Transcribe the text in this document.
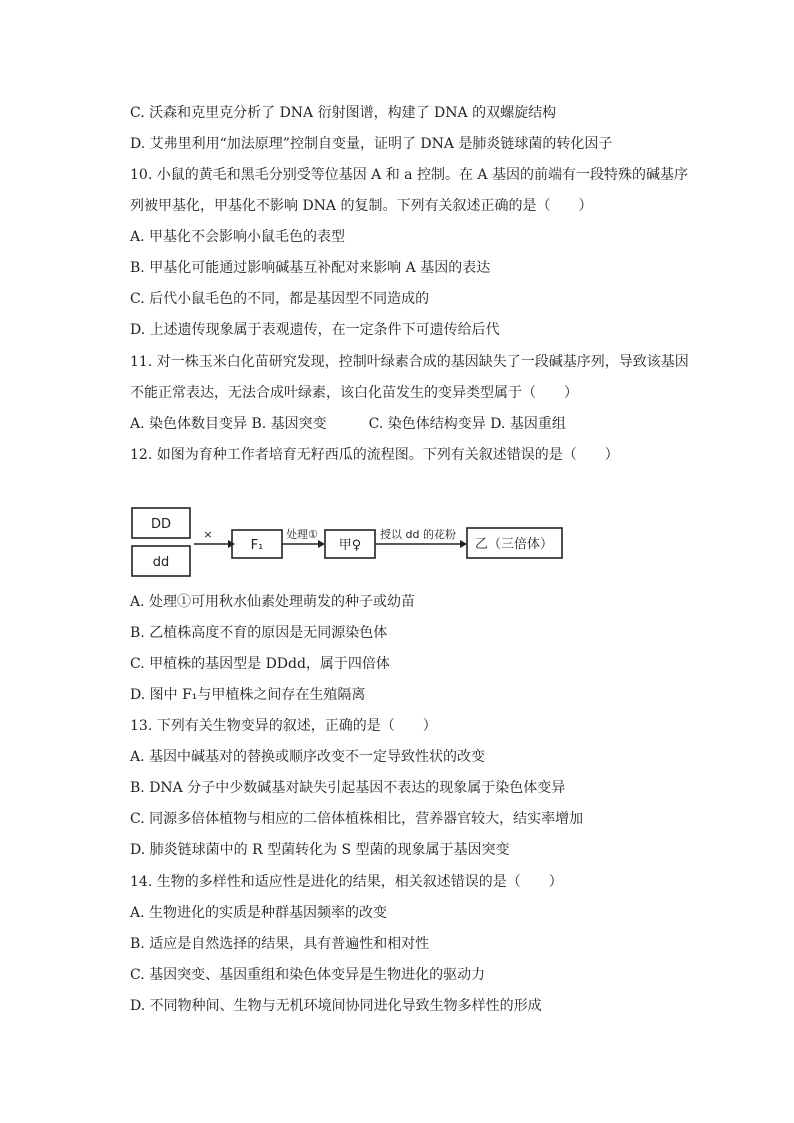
C. 沃森和克里克分析了 DNA 衍射图谱，构建了 DNA 的双螺旋结构
D. 艾弗里利用“加法原理”控制自变量，证明了 DNA 是肺炎链球菌的转化因子
10. 小鼠的黄毛和黑毛分别受等位基因 A 和 a 控制。在 A 基因的前端有一段特殊的碱基序
列被甲基化，甲基化不影响 DNA 的复制。下列有关叙述正确的是（　　）
A. 甲基化不会影响小鼠毛色的表型
B. 甲基化可能通过影响碱基互补配对来影响 A 基因的表达
C. 后代小鼠毛色的不同，都是基因型不同造成的
D. 上述遗传现象属于表观遗传，在一定条件下可遗传给后代
11. 对一株玉米白化苗研究发现，控制叶绿素合成的基因缺失了一段碱基序列，导致该基因
不能正常表达，无法合成叶绿素，该白化苗发生的变异类型属于（　　）
A. 染色体数目变异 B. 基因突变　　　C. 染色体结构变异 D. 基因重组
12. 如图为育种工作者培育无籽西瓜的流程图。下列有关叙述错误的是（　　）
DD
dd
×
F₁
处理①
甲♀
授以 dd 的花粉
乙（三倍体）
A. 处理①可用秋水仙素处理萌发的种子或幼苗
B. 乙植株高度不育的原因是无同源染色体
C. 甲植株的基因型是 DDdd，属于四倍体
D. 图中 F₁与甲植株之间存在生殖隔离
13. 下列有关生物变异的叙述，正确的是（　　）
A. 基因中碱基对的替换或顺序改变不一定导致性状的改变
B. DNA 分子中少数碱基对缺失引起基因不表达的现象属于染色体变异
C. 同源多倍体植物与相应的二倍体植株相比，营养器官较大，结实率增加
D. 肺炎链球菌中的 R 型菌转化为 S 型菌的现象属于基因突变
14. 生物的多样性和适应性是进化的结果，相关叙述错误的是（　　）
A. 生物进化的实质是种群基因频率的改变
B. 适应是自然选择的结果，具有普遍性和相对性
C. 基因突变、基因重组和染色体变异是生物进化的驱动力
D. 不同物种间、生物与无机环境间协同进化导致生物多样性的形成
